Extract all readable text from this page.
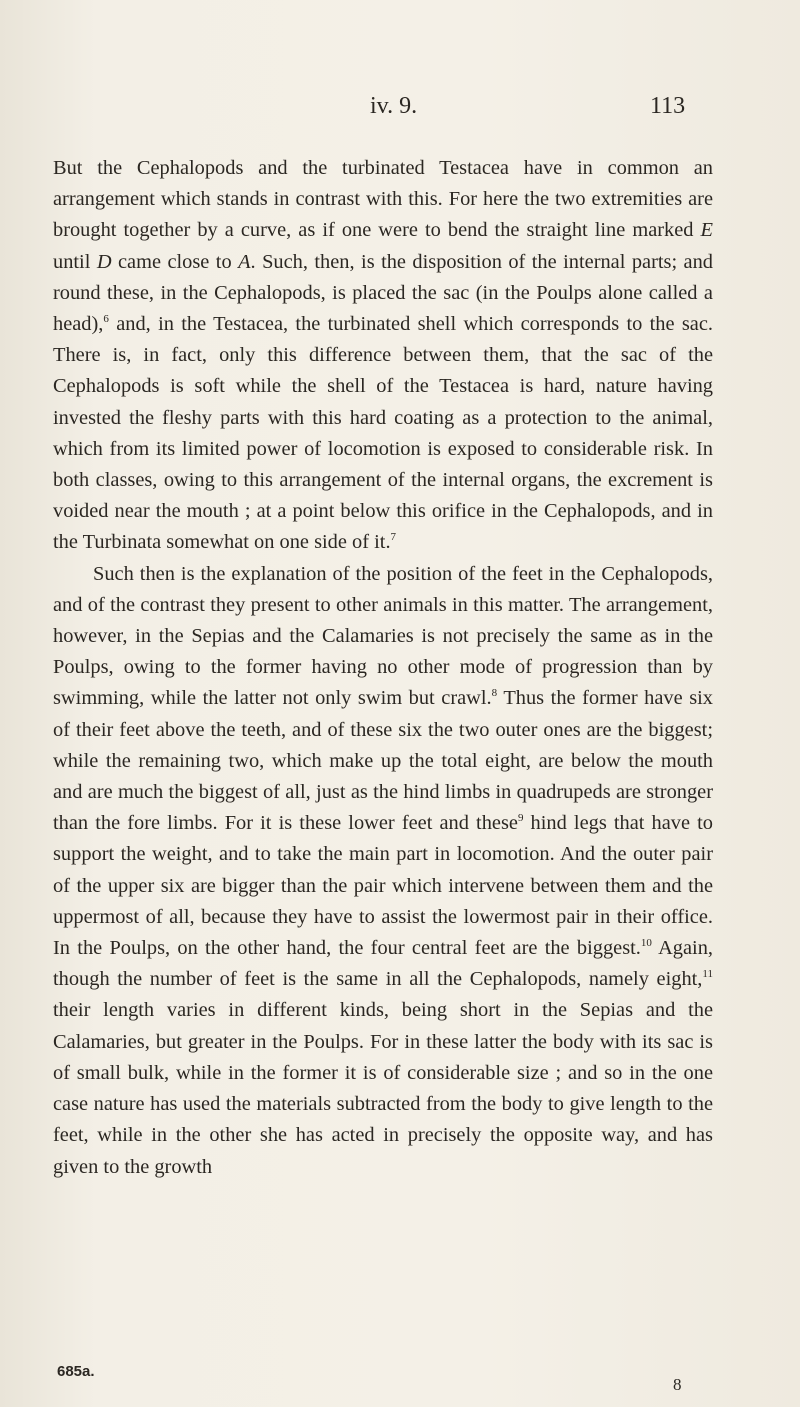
iv. 9.	113

But the Cephalopods and the turbinated Testacea have in common an arrangement which stands in contrast with this. For here the two extremities are brought together by a curve, as if one were to bend the straight line marked E until D came close to A. Such, then, is the disposition of the internal parts; and round these, in the Cephalopods, is placed the sac (in the Poulps alone called a head),$^6$ and, in the Testacea, the turbinated shell which corresponds to the sac. There is, in fact, only this difference between them, that the sac of the Cephalopods is soft while the shell of the Testacea is hard, nature having invested the fleshy parts with this hard coating as a protection to the animal, which from its limited power of locomotion is exposed to considerable risk. In both classes, owing to this arrangement of the internal organs, the excrement is voided near the mouth ; at a point below this orifice in the Cephalopods, and in the Turbinata somewhat on one side of it.$^7$

Such then is the explanation of the position of the feet in the Cephalopods, and of the contrast they present to other animals in this matter. The arrangement, however, in the Sepias and the Calamaries is not precisely the same as in the Poulps, owing to the former having no other mode of progression than by swimming, while the latter not only swim but crawl.$^8$ Thus the former have six of their feet above the teeth, and of these six the two outer ones are the biggest; while the remaining two, which make up the total eight, are below the mouth and are much the biggest of all, just as the hind limbs in quadrupeds are stronger than the fore limbs. For it is these lower feet and these$^9$ hind legs that have to support the weight, and to take the main part in locomotion. And the outer pair of the upper six are bigger than the pair which intervene between them and the uppermost of all, because they have to assist the lowermost pair in their office. In the Poulps, on the other hand, the four central feet are the biggest.$^{10}$ Again, though the number of feet is the same in all the Cephalopods, namely eight,$^{11}$ their length varies in different kinds, being short in the Sepias and the Calamaries, but greater in the Poulps. For in these latter the body with its sac is of small bulk, while in the former it is of considerable size ; and so in the one case nature has used the materials subtracted from the body to give length to the feet, while in the other she has acted in precisely the opposite way, and has given to the growth

685a.
8
